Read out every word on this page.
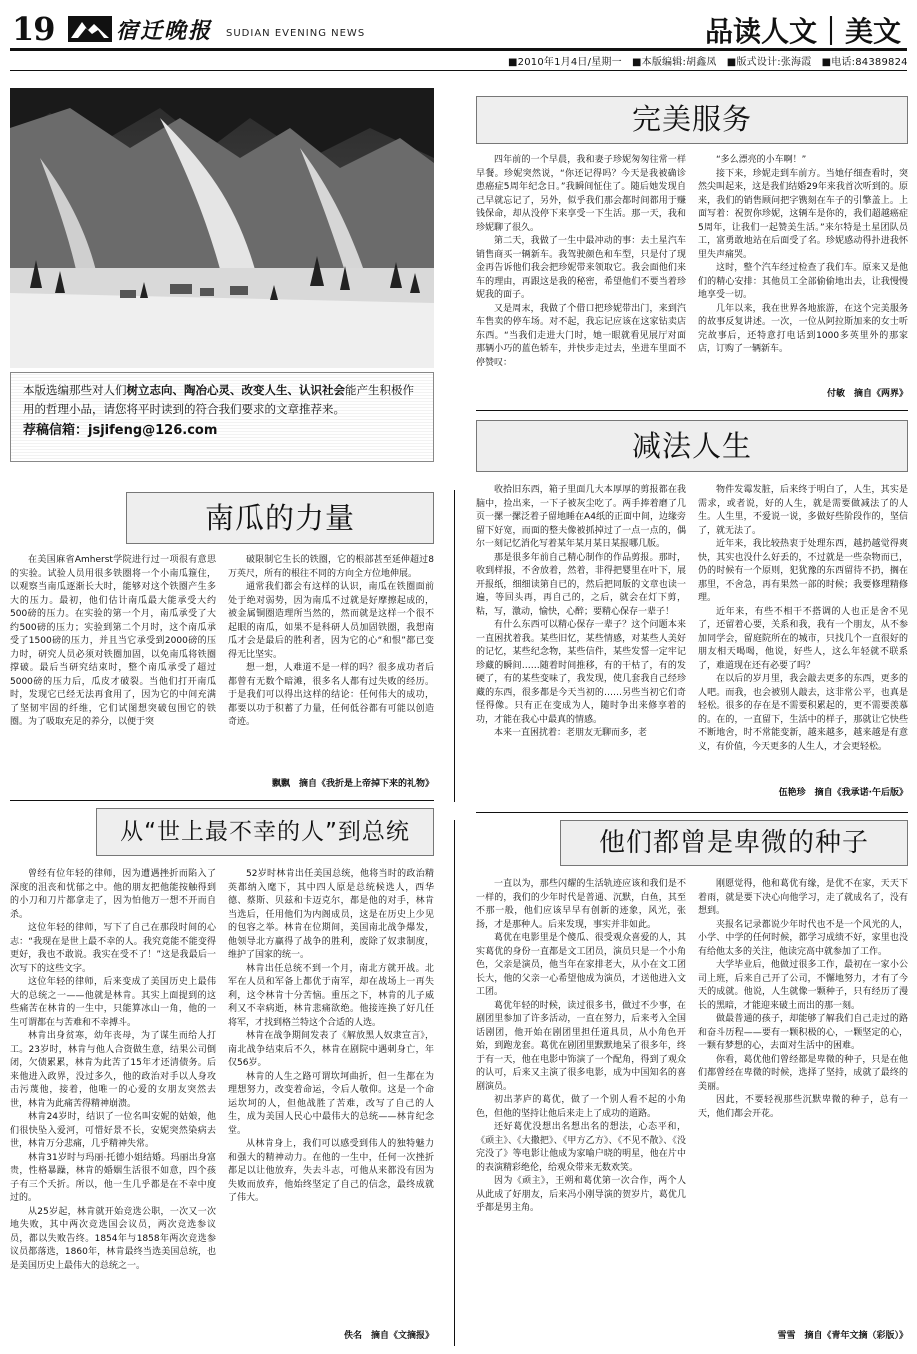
19	宿迁晚报 SUDIAN EVENING NEWS	品读人文｜美文
■2010年1月4日/星期一　■本版编辑:胡鑫凤　■版式设计:张海霞　■电话:84389824
本版选编那些对人们树立志向、陶冶心灵、改变人生、认识社会能产生积极作用的哲理小品，请您将平时读到的符合我们要求的文章推荐来。
荐稿信箱：jsjifeng@126.com
完美服务

四年前的一个早晨，我和妻子珍妮匆匆往常一样早餐。珍妮突然说，“你还记得吗？今天是我被确诊患癌症5周年纪念日。”我瞬间怔住了。随后她发现自己早就忘记了，另外，似乎我们那会都时间都用于赚钱保命，却从没停下来享受一下生活。那一天，我和珍妮聊了很久。

第二天，我做了一生中最冲动的事：去土星汽车销售商买一辆新车。我驾驶颜色和车型，只是付了现金再告诉他们我会把珍妮带来领取它。我会面他们来车的理由，再跟这是我的秘密，希望他们不要当着珍妮我的面子。

又是周末，我做了个借口把珍妮带出门，来到汽车售卖的停车场。对不起，我忘记应该在这家钻卖店东西。“当我们走进大门时，她一眼就看见展厅对面那辆小巧的蓝色轿车，并快步走过去，坐进车里面不停赞叹：

“多么漂亮的小车啊！”

接下来，珍妮走到车前方。当她仔细查看时，突然尖叫起来，这是我们结婚29年来我首次听到的。原来，我们的销售顾问把字镌刻在车子的引擎盖上。上面写着：祝贺你珍妮，这辆车是你的，我们超越癌症5周年，让我们一起赞美生活。”来尔特是土星团队员工，富勇敢地站在后面受了名。珍妮感动得扑进我怀里失声痛哭。

这时，整个汽车经过检查了我们车。原来又是他们的精心安排：其他员工全部偷偷地出去，让我慢慢地享受一切。

几年以来，我在世界各地旅游，在这个完美服务的故事反复讲述。一次，一位从阿拉斯加来的女士听完故事后，还特意打电话到1000多英里外的那家店，订购了一辆新车。

付敏　摘自《两界》
减法人生

收拾旧东西，箱子里面几大本厚厚的剪报都在我脑中，捡出来，一下子被灰尘吃了。两手捧着磨了几页一摞一摞泛着子留地睡在A4纸的正面中间，边缘旁留下好宽，而面的整夫像被抓掉过了一点一点的，偶尔一刻记忆消化写着某年某月某日某报哪几版。

那是很多年前自己精心制作的作品剪报。那时，收到样报，不舍放着，然着，非得把婴里在叶下，展开报纸，细细读第自已的，然后把同版的文章也读一遍，等回头再，再自己的，之后，就会在灯下剪，粘，写，激动，愉快，心醉；要精心保存一辈子！

有什么东西可以精心保存一辈子？这个问题本来一直困扰着我。某些旧忆，某些情感，对某些人美好的记忆，某些纪念物，某些信件，某些发誓一定牢记珍藏的瞬间……随着时间推移，有的干枯了，有的发硬了，有的某些变味了，我发现，使几套我自己经珍藏的东西，很多都是今天当初的……另些当初它们奇怪得像。只有正在变成为人，随时争出来修享着的功，才能在我心中最真的情感。

本来一直困扰着：老朋友无聊而多，老

物件发霉发脏，后来终于明白了，人生，其实是需求，或者说，好的人生，就是需要做减法了的人生。人生里，不爱说一说，多做好些阶段作的，坚信了，就无法了。

近年来，我比较热衷于处理东西，越扔越觉得爽快，其实也没什么好丢的，不过就是一些杂物而已，仍的时候有一个原则，犯犹豫的东西留待不扔，搁在那里，不舍急，再有果然一部的时候；我要修理精修理。

近年来，有些不相干不搭调的人也正是舍不见了，还留着心要，关系和我，我有一个朋友，从不参加同学会，留庭院所在的城市，只找几个一直很好的朋友相天喝喝，他说，好些人，这么年轻就不联系了，难道现在还有必要了吗？

在以后的岁月里，我会敲去更多的东西，更多的人吧。而我，也会被别人敲去，这非常公平，也真是轻松。很多的存在是不需要积累起的，更不需要羡慕的。在的，一直留下，生活中的样子，那就让它快些不断地舍，时不常能变新，越来越多，越来越是有意义，有价值，今天更多的人生人，才会更轻松。

伍艳珍　摘自《我承诺·午后版》
南瓜的力量

在美国麻省Amherst学院进行过一项很有意思的实验。试验人员用很多铁圈将一个小南瓜箍住，以观察当南瓜逐渐长大时，能够对这个铁圈产生多大的压力。最初，他们估计南瓜最大能承受大约500磅的压力。在实验的第一个月，南瓜承受了大约500磅的压力；实验到第二个月时，这个南瓜承受了1500磅的压力，并且当它承受到2000磅的压力时，研究人员必须对铁圈加固，以免南瓜将铁圈撑破。最后当研究结束时，整个南瓜承受了超过5000磅的压力后，瓜皮才破裂。当他们打开南瓜时，发现它已经无法再食用了，因为它的中间充满了坚韧牢固的纤维，它们试图想突破包围它的铁圈。为了吸取充足的养分，以便于突

破限制它生长的铁圈，它的根部甚至延伸超过8万英尺，所有的根往不同的方向全方位地伸展。

通常我们都会有这样的认识，南瓜在铁圈面前处于绝对弱势，因为南瓜不过就是好摩擦起成的，被金属铜圈造理所当然的，然而就是这样一个很不起眼的南瓜，如果不是科研人员加固铁圈，我想南瓜才会是最后的胜利者，因为它的心“和恨”都已变得无比坚实。

想一想，人难道不是一样的吗？很多成功者后都曾有无数个暗滩，很多名人都有过失败的经历。于是我们可以得出这样的结论：任何伟大的成功，都要以功于积蓄了力量，任何低谷都有可能以创造奇迹。

飘飘　摘自《我折是上帝掉下来的礼物》
从“世上最不幸的人”到总统

曾经有位年轻的律师，因为遭遇挫折而陷入了深度的沮丧和忧郁之中。他的朋友把他能按触得到的小刀和刀片都拿走了，因为怕他万一想不开而自杀。

这位年轻的律师，写下了自己在那段时间的心志：“我现在是世上最不幸的人。我究竟能不能变得更好，我也不敢说。我实在受不了！”这是我最后一次写下的这些文字。

这位年轻的律师，后来变成了美国历史上最伟大的总统之一——他就是林肯。其实上面提到的这些痛苦在林肯的一生中，只能算冰山一角，他的一生可谓都在与苦难和不幸搏斗。

林肯出身贫寒，幼年丧母，为了谋生而给人打工。23岁时，林肯与他人合资做生意，结果公司倒闭，欠债累累，林肯为此苦了15年才还清债务。后来他进入政界，没过多久，他的政治对手以人身攻击污蔑他，接着，他唯一的心爱的女朋友突然去世，林肯为此痛苦得精神崩溃。

林肯24岁时，结识了一位名叫安妮的姑娘，他们很快坠入爱河，可惜好景不长，安妮突然染病去世，林肯万分悲痛，几乎精神失常。

林肯31岁时与玛丽·托德小姐结婚。玛丽出身富贵，性格暴躁，林肯的婚姻生活很不如意，四个孩子有三个夭折。所以，他一生几乎都是在不幸中度过的。

从25岁起，林肯就开始竞选公职，一次又一次地失败，其中两次竞选国会议员，两次竞选参议员，都以失败告终。1854年与1858年两次竞选参议员都落选，1860年，林肯最终当选美国总统，也是美国历史上最伟大的总统之一。

52岁时林肯出任美国总统，他将当时的政治精英都纳入麾下，其中四人原是总统候选人，西华德、蔡斯、贝兹和卡迈克尔，都是他的对手，林肯当选后，任用他们为内阁成员，这是在历史上少见的包容之举。林肯在位期间，美国南北战争爆发，他领导北方赢得了战争的胜利，废除了奴隶制度，维护了国家的统一。

林肯出任总统不到一个月，南北方就开战。北军在人员和军备上都优于南军，却在战场上一再失利，这令林肯十分苦恼。重压之下，林肯的儿子威利又不幸病逝，林肯悲痛欲绝。他接连换了好几任将军，才找到格兰特这个合适的人选。

林肯在战争期间发表了《解放黑人奴隶宣言》，南北战争结束后不久，林肯在剧院中遇刺身亡，年仅56岁。

林肯的人生之路可谓坎坷曲折，但一生都在为理想努力，改变着命运，令后人敬仰。这是一个命运坎坷的人，但他战胜了苦难，改写了自己的人生，成为美国人民心中最伟大的总统——林肯纪念堂。

从林肯身上，我们可以感受到伟人的独特魅力和强大的精神动力。在他的一生中，任何一次挫折都足以让他放弃，失去斗志，可他从来都没有因为失败而放弃，他始终坚定了自己的信念，最终成就了伟大。

佚名　摘自《文摘报》
他们都曾是卑微的种子

一直以为，那些闪耀的生活轨迹应该和我们是不一样的，我们的少年时代是普通、沉默，白鱼，其至不那一般，他们应该早早有创新的迹象，风光，张扬，才是那种人。后来发现，事实并非如此。

葛优在电影里是个傻瓜、很受观众喜爱的人，其实葛优的身份一直都是文工团员，演员只是一个小角色，父亲是演员，他当年在家排老大，从小在文工团长大，他的父亲一心希望他成为演员，才送他进入文工团。

葛优年轻的时候，读过很多书，做过不少事，在剧团里参加了许多活动，一直在努力，后来考入全国话剧团，他开始在剧团里担任道具员，从小角色开始，到跑龙套。葛优在剧团里默默地呆了很多年，终于有一天，他在电影中饰演了一个配角，得到了观众的认可，后来又主演了很多电影，成为中国知名的喜剧演员。

初出茅庐的葛优，做了一个别人看不起的小角色，但他的坚持让他后来走上了成功的道路。

还好葛优没想出名想出名的想法，心态平和，《顽主》、《大撒把》、《甲方乙方》、《不见不散》、《没完没了》等电影让他成为家喻户晓的明星，他在片中的表演精彩绝伦，给观众带来无数欢笑。

因为《顽主》，王朔和葛优第一次合作，两个人从此成了好朋友，后来冯小刚导演的贺岁片，葛优几乎都是男主角。

刚愿觉得，他和葛优有缘，是优不在家，天天下着雨，就是要下决心向他学习，走了就成名了，没有想到。

夹报名记录都说少年时代也不是一个风光的人，小学、中学的任何时候，都学习成绩不好，家里也没有给他太多的关注，他读完高中就参加了工作。

大学毕业后，他做过很多工作，最初在一家小公司上班，后来自己开了公司，不懈地努力，才有了今天的成就。他说，人生就像一颗种子，只有经历了漫长的黑暗，才能迎来破土而出的那一刻。

做最普通的孩子，却能够了解我们自己走过的路和奋斗历程——要有一颗积极的心，一颗坚定的心，一颗有梦想的心，去面对生活中的困难。

你看，葛优他们曾经都是卑微的种子，只是在他们都曾经在卑微的时候，选择了坚持，成就了最终的美丽。

因此，不要轻视那些沉默卑微的种子，总有一天，他们都会开花。

雪雪　摘自《青年文摘（彩版）》
